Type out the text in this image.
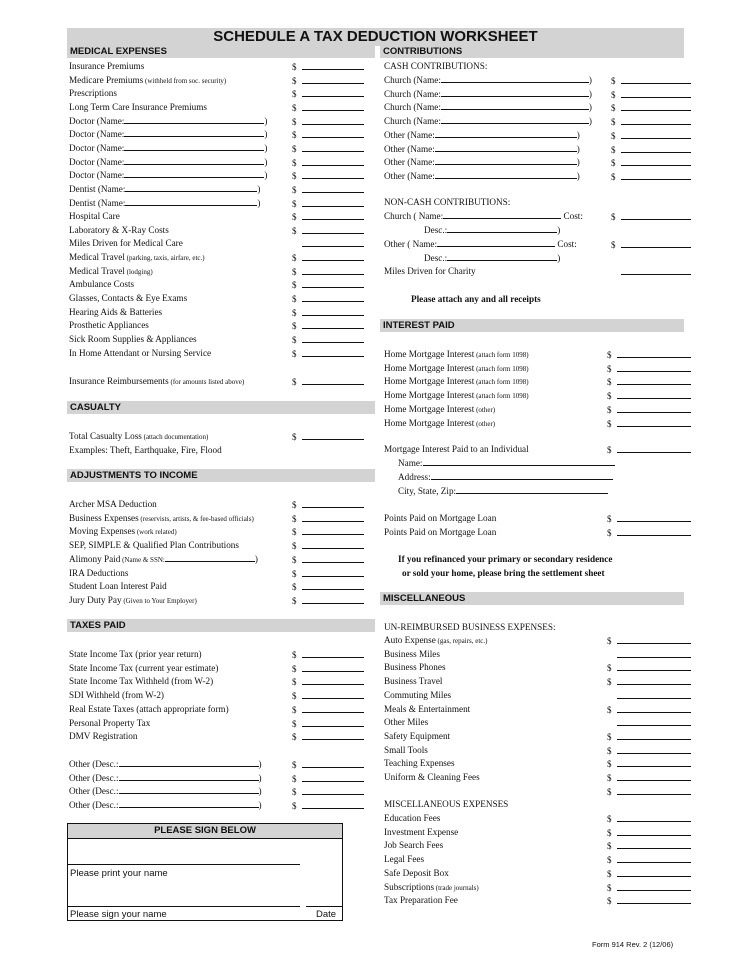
SCHEDULE A TAX DEDUCTION WORKSHEET
MEDICAL EXPENSES
CASUALTY
ADJUSTMENTS TO INCOME
TAXES PAID
CONTRIBUTIONS
INTEREST PAID
MISCELLANEOUS
Insurance Premiums	$
Medicare Premiums (withheld from soc. security)	$
Prescriptions	$
Long Term Care Insurance Premiums	$
Doctor (Name:	)	$
Doctor (Name:	)	$
Doctor (Name:	)	$
Doctor (Name:	)	$
Doctor (Name:	)	$
Dentist (Name:	)	$
Dentist (Name:	)	$
Hospital Care	$
Laboratory & X-Ray Costs	$
Miles Driven for Medical Care
Medical Travel (parking, taxis, airfare, etc.)	$
Medical Travel (lodging)	$
Ambulance Costs	$
Glasses, Contacts & Eye Exams	$
Hearing Aids & Batteries	$
Prosthetic Appliances	$
Sick Room Supplies & Appliances	$
In Home Attendant or Nursing Service	$
Insurance Reimbursements (for amounts listed above)	$
Total Casualty Loss (attach documentation)	$
Examples: Theft, Earthquake, Fire, Flood
Archer MSA Deduction	$
Business Expenses (reservists, artists, & fee-based officials)	$
Moving Expenses (work related)	$
SEP, SIMPLE & Qualified Plan Contributions	$
Alimony Paid (Name & SSN:	)	$
IRA Deductions	$
Student Loan Interest Paid	$
Jury Duty Pay (Given to Your Employer)	$
State Income Tax (prior year return)	$
State Income Tax (current year estimate)	$
State Income Tax Withheld (from W-2)	$
SDI Withheld (from W-2)	$
Real Estate Taxes (attach appropriate form)	$
Personal Property Tax	$
DMV Registration	$
Other (Desc.:	)	$
Other (Desc.:	)	$
Other (Desc.:	)	$
Other (Desc.:	)	$
CASH CONTRIBUTIONS:
Church (Name:	) $
Church (Name:	) $
Church (Name:	) $
Church (Name:	) $
Other (Name:	)	$
Other (Name:	)	$
Other (Name:	)	$
Other (Name:	)	$
NON-CASH CONTRIBUTIONS:
Church ( Name:	Cost:	$
Desc.:	)
Other ( Name:	Cost:	$
Desc.:	)
Miles Driven for Charity
Please attach any and all receipts
Home Mortgage Interest (attach form 1098)	$
Home Mortgage Interest (attach form 1098)	$
Home Mortgage Interest (attach form 1098)	$
Home Mortgage Interest (attach form 1098)	$
Home Mortgage Interest (other)	$
Home Mortgage Interest (other)	$
Mortgage Interest Paid to an Individual	$
Name:
Address:
City, State, Zip:
Points Paid on Mortgage Loan	$
Points Paid on Mortgage Loan	$
If you refinanced your primary or secondary residence
or sold your home, please bring the settlement sheet
UN-REIMBURSED BUSINESS EXPENSES:
Auto Expense (gas, repairs, etc.)	$
Business Miles
Business Phones	$
Business Travel	$
Commuting Miles
Meals & Entertainment	$
Other Miles
Safety Equipment	$
Small Tools	$
Teaching Expenses	$
Uniform & Cleaning Fees	$
$
MISCELLANEOUS EXPENSES
Education Fees	$
Investment Expense	$
Job Search Fees	$
Legal Fees	$
Safe Deposit Box	$
Subscriptions (trade journals)	$
Tax Preparation Fee	$
PLEASE SIGN BELOW
Please print your name
Please sign your name	Date
Form 914 Rev. 2 (12/06)
